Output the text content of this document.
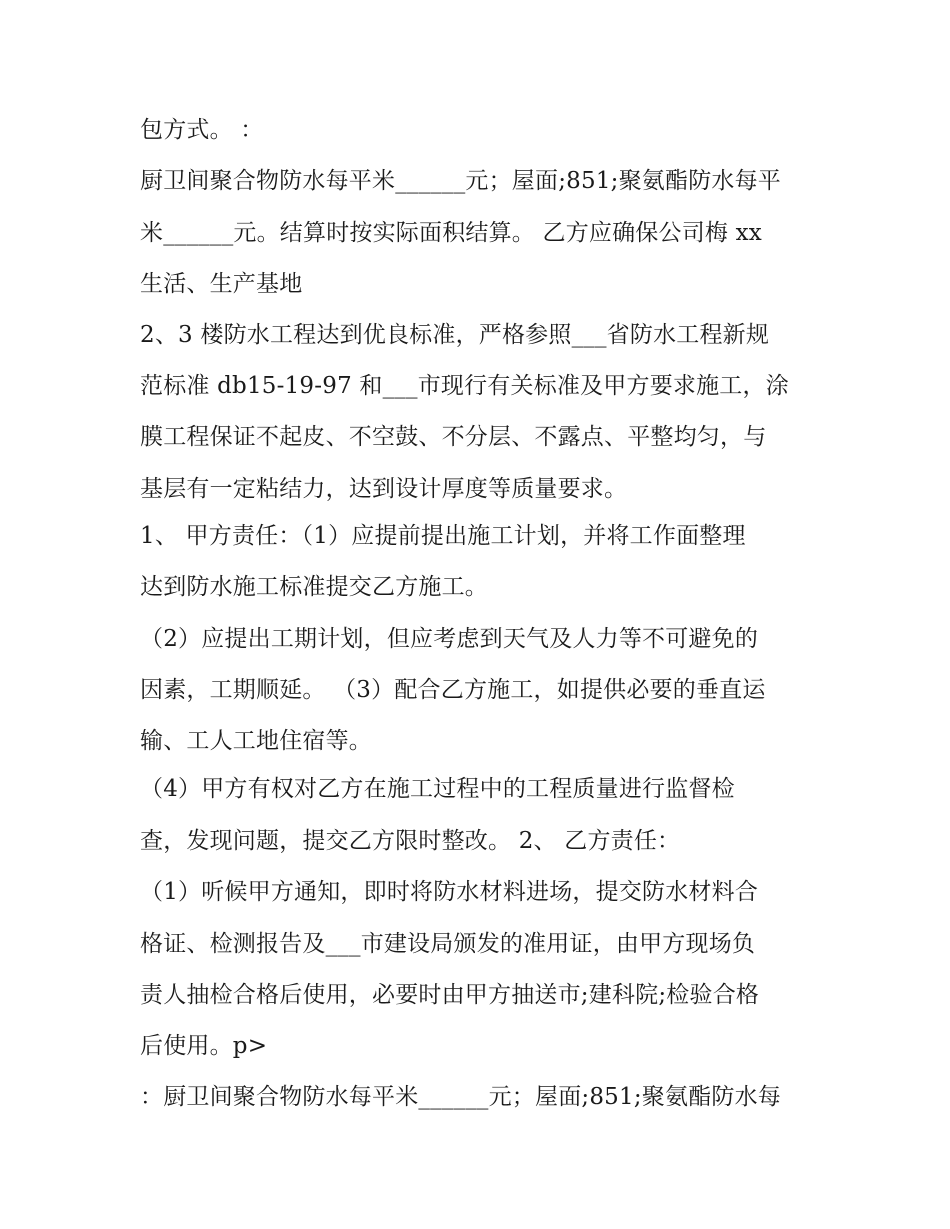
包方式。 ：
厨卫间聚合物防水每平米______元；屋面;851;聚氨酯防水每平
米______元。结算时按实际面积结算。 乙方应确保公司梅 xx
生活、生产基地
2、3 楼防水工程达到优良标准，严格参照___省防水工程新规
范标准 db15-19-97 和___市现行有关标准及甲方要求施工，涂
膜工程保证不起皮、不空鼓、不分层、不露点、平整均匀，与
基层有一定粘结力，达到设计厚度等质量要求。
1、 甲方责任：（1）应提前提出施工计划，并将工作面整理
达到防水施工标准提交乙方施工。
（2）应提出工期计划，但应考虑到天气及人力等不可避免的
因素，工期顺延。 （3）配合乙方施工，如提供必要的垂直运
输、工人工地住宿等。
（4）甲方有权对乙方在施工过程中的工程质量进行监督检
查，发现问题，提交乙方限时整改。 2、 乙方责任：
（1）听候甲方通知，即时将防水材料进场，提交防水材料合
格证、检测报告及___市建设局颁发的准用证，由甲方现场负
责人抽检合格后使用，必要时由甲方抽送市;建科院;检验合格
后使用。p>
：厨卫间聚合物防水每平米______元；屋面;851;聚氨酯防水每
